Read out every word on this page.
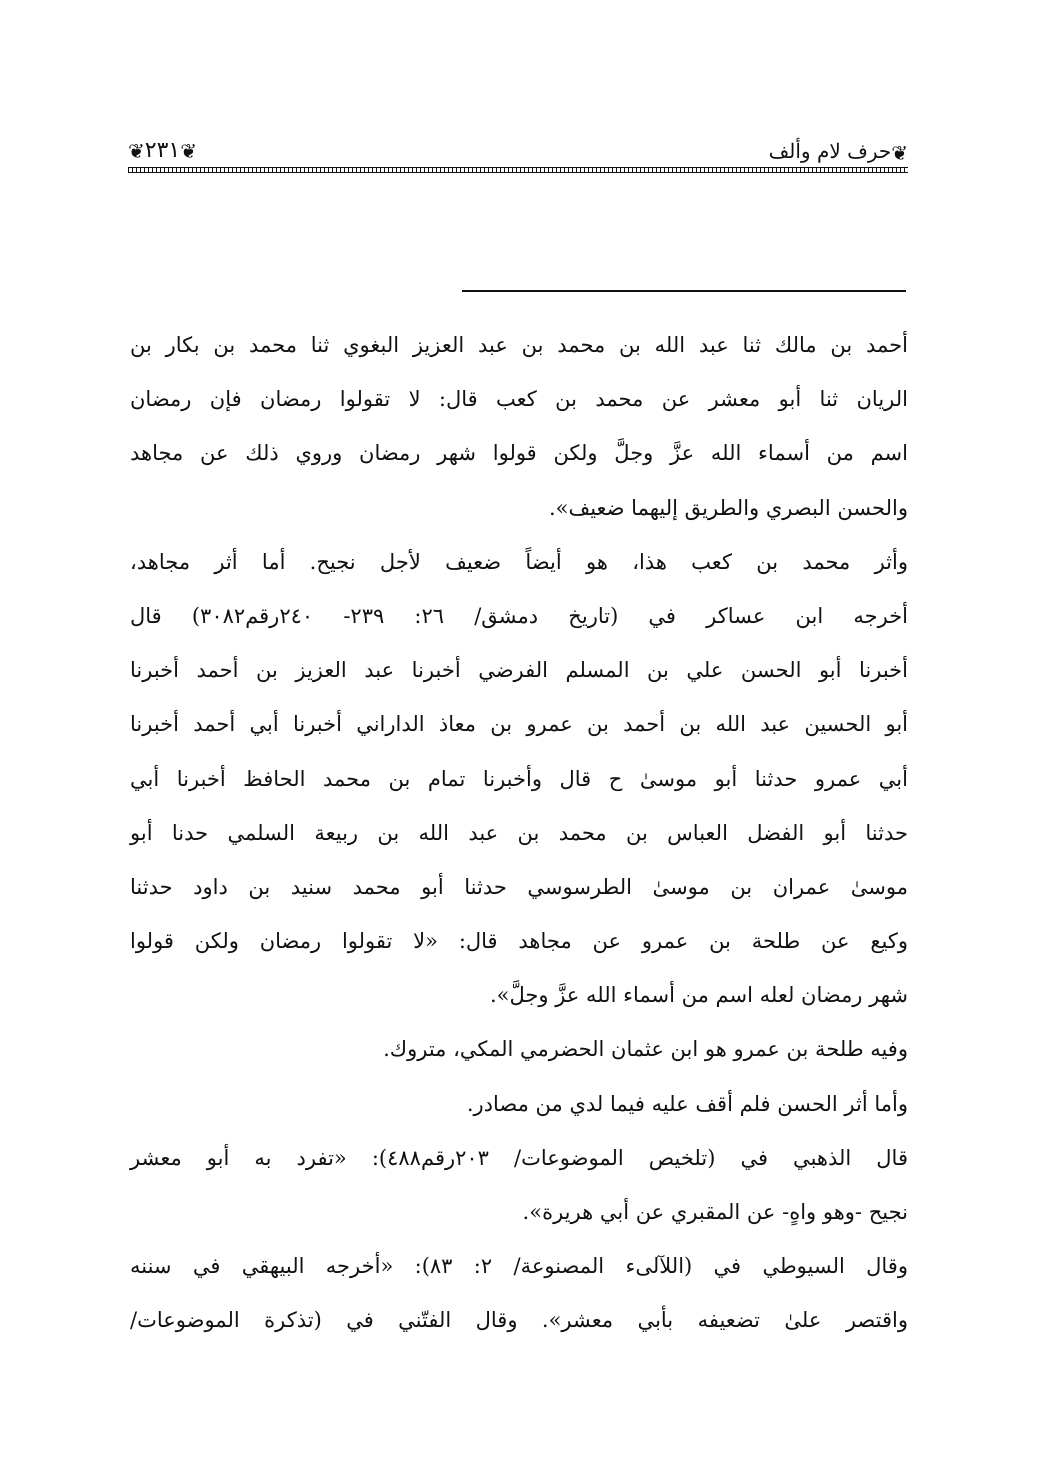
❦٢٣١❦	❦حرف لام وألف
أحمد بن مالك ثنا عبد الله بن محمد بن عبد العزيز البغوي ثنا محمد بن بكار بن
الريان ثنا أبو معشر عن محمد بن كعب قال: لا تقولوا رمضان فإن رمضان
اسم من أسماء الله عزَّ وجلَّ ولكن قولوا شهر رمضان وروي ذلك عن مجاهد
والحسن البصري والطريق إليهما ضعيف».
وأثر محمد بن كعب هذا، هو أيضاً ضعيف لأجل نجيح. أما أثر مجاهد،
أخرجه ابن عساكر في (تاريخ دمشق/ ٢٦: ٢٣٩- ٢٤٠رقم٣٠٨٢) قال
أخبرنا أبو الحسن علي بن المسلم الفرضي أخبرنا عبد العزيز بن أحمد أخبرنا
أبو الحسين عبد الله بن أحمد بن عمرو بن معاذ الداراني أخبرنا أبي أحمد أخبرنا
أبي عمرو حدثنا أبو موسىٰ ح قال وأخبرنا تمام بن محمد الحافظ أخبرنا أبي
حدثنا أبو الفضل العباس بن محمد بن عبد الله بن ربيعة السلمي حدنا أبو
موسىٰ عمران بن موسىٰ الطرسوسي حدثنا أبو محمد سنيد بن داود حدثنا
وكيع عن طلحة بن عمرو عن مجاهد قال: «لا تقولوا رمضان ولكن قولوا
شهر رمضان لعله اسم من أسماء الله عزَّ وجلَّ».
وفيه طلحة بن عمرو هو ابن عثمان الحضرمي المكي، متروك.
وأما أثر الحسن فلم أقف عليه فيما لدي من مصادر.
قال الذهبي في (تلخيص الموضوعات/ ٢٠٣رقم٤٨٨): «تفرد به أبو معشر
نجيح -وهو واهٍ- عن المقبري عن أبي هريرة».
وقال السيوطي في (اللآلىء المصنوعة/ ٢: ٨٣): «أخرجه البيهقي في سننه
واقتصر علىٰ تضعيفه بأبي معشر». وقال الفتّني في (تذكرة الموضوعات/
